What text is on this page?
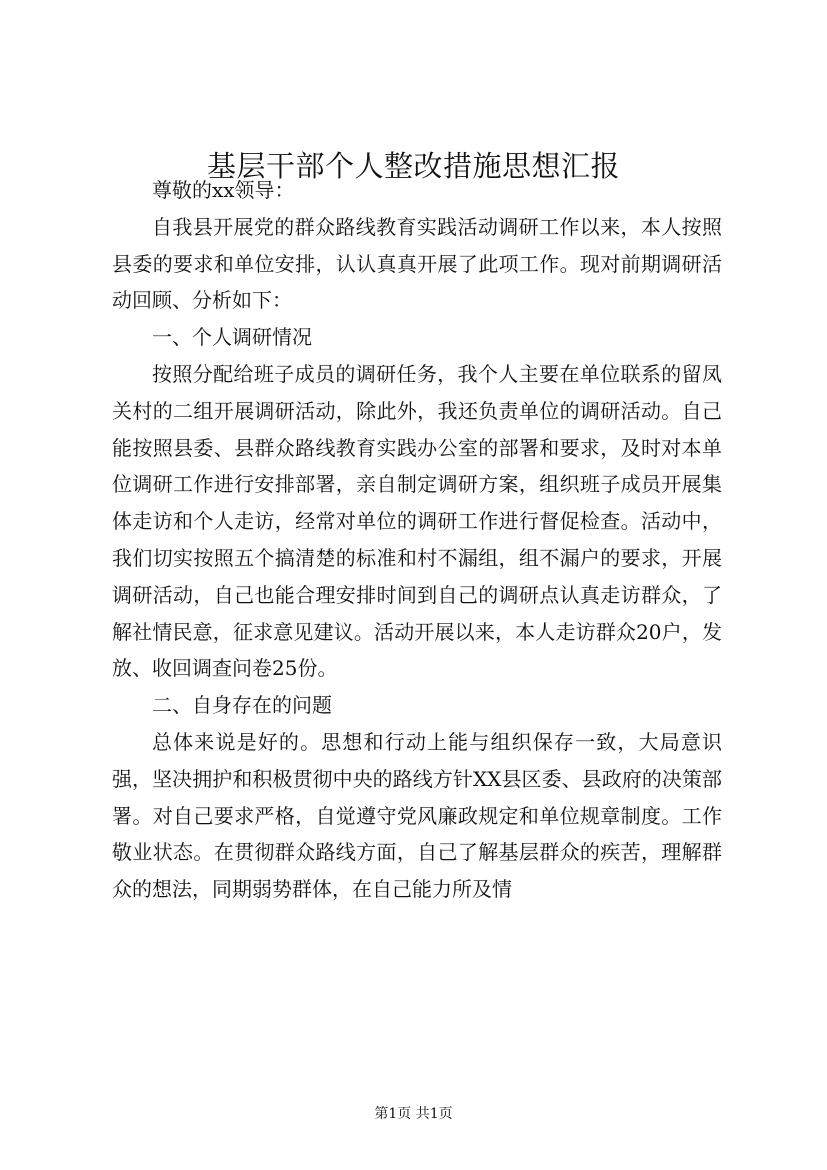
基层干部个人整改措施思想汇报

尊敬的xx领导：

自我县开展党的群众路线教育实践活动调研工作以来，本人按照县委的要求和单位安排，认认真真开展了此项工作。现对前期调研活动回顾、分析如下：

一、个人调研情况

按照分配给班子成员的调研任务，我个人主要在单位联系的留凤关村的二组开展调研活动，除此外，我还负责单位的调研活动。自己能按照县委、县群众路线教育实践办公室的部署和要求，及时对本单位调研工作进行安排部署，亲自制定调研方案，组织班子成员开展集体走访和个人走访，经常对单位的调研工作进行督促检查。活动中，我们切实按照五个搞清楚的标准和村不漏组，组不漏户的要求，开展调研活动，自己也能合理安排时间到自己的调研点认真走访群众，了解社情民意，征求意见建议。活动开展以来，本人走访群众20户，发放、收回调查问卷25份。

二、自身存在的问题

总体来说是好的。思想和行动上能与组织保存一致，大局意识强，坚决拥护和积极贯彻中央的路线方针XX县区委、县政府的决策部署。对自己要求严格，自觉遵守党风廉政规定和单位规章制度。工作敬业状态。在贯彻群众路线方面，自己了解基层群众的疾苦，理解群众的想法，同期弱势群体，在自己能力所及情

第1页 共1页
